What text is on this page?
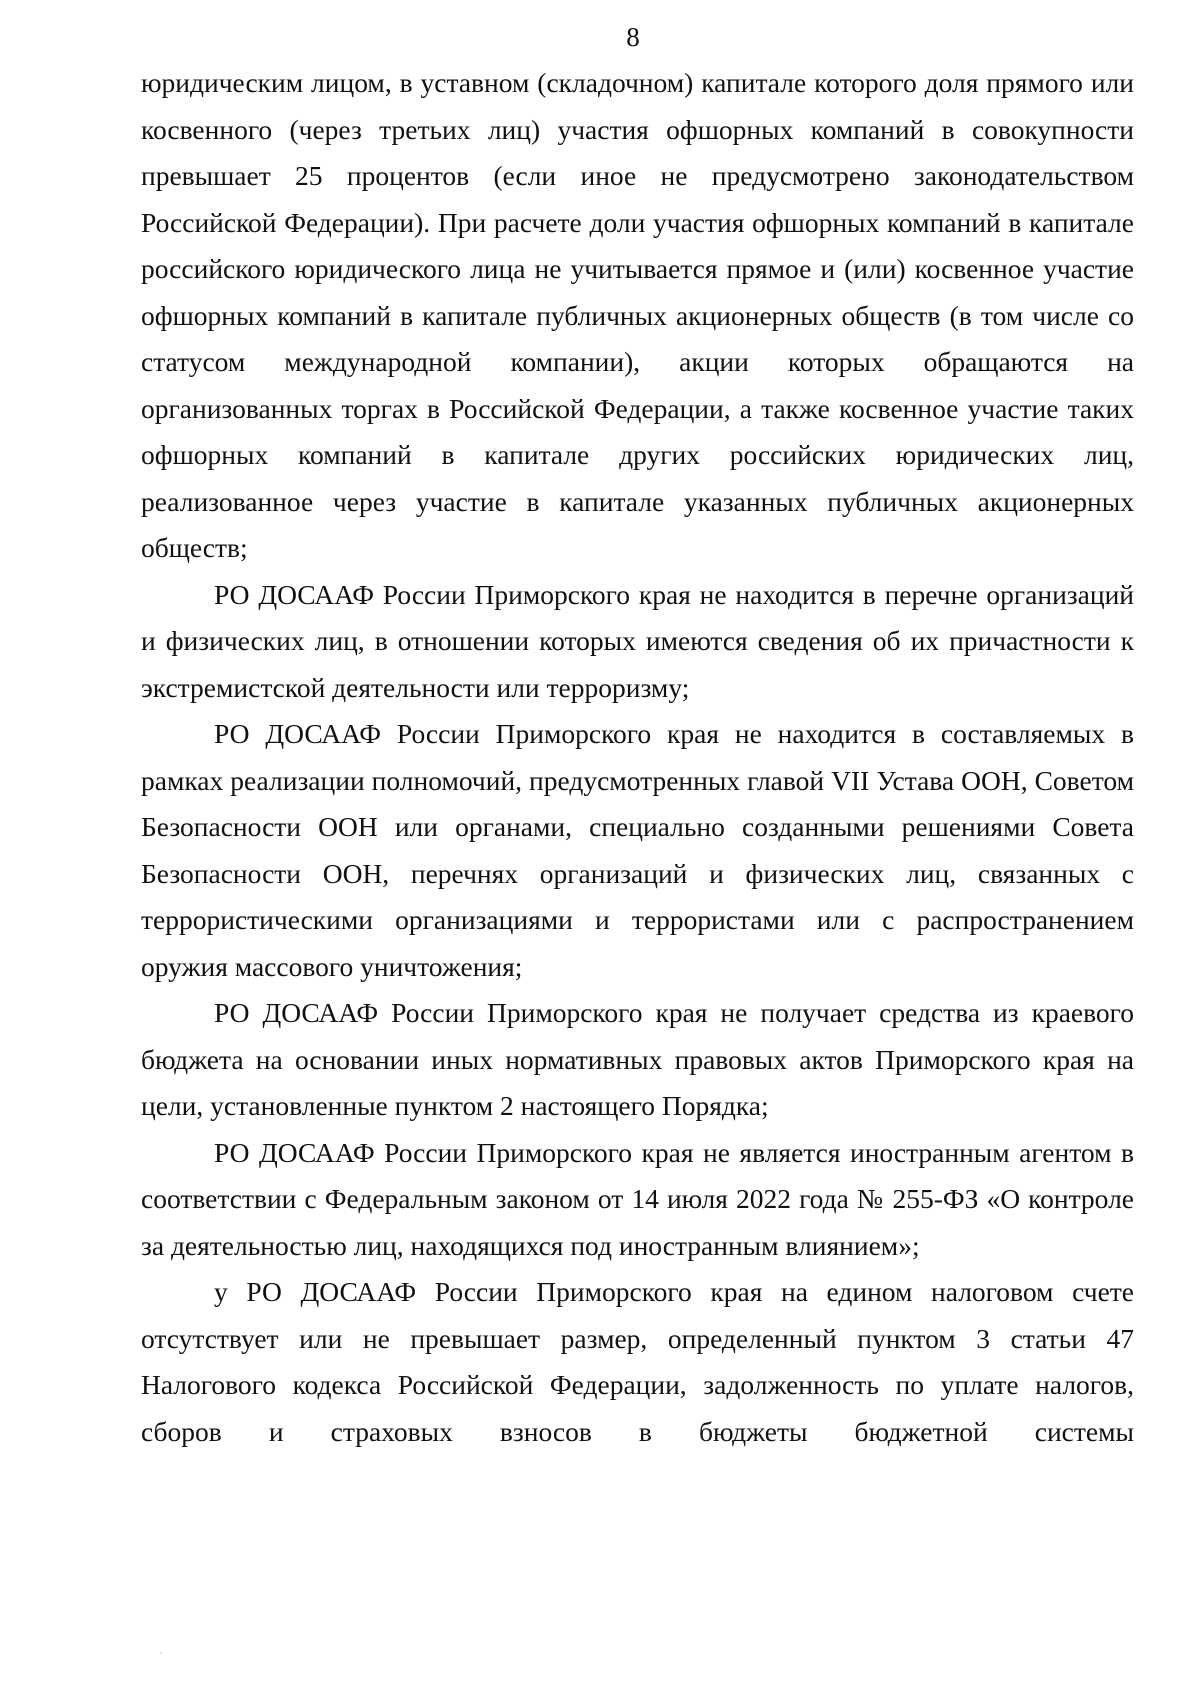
8

юридическим лицом, в уставном (складочном) капитале которого доля прямого или косвенного (через третьих лиц) участия офшорных компаний в совокупности превышает 25 процентов (если иное не предусмотрено законодательством Российской Федерации). При расчете доли участия офшорных компаний в капитале российского юридического лица не учитывается прямое и (или) косвенное участие офшорных компаний в капитале публичных акционерных обществ (в том числе со статусом международной компании), акции которых обращаются на организованных торгах в Российской Федерации, а также косвенное участие таких офшорных компаний в капитале других российских юридических лиц, реализованное через участие в капитале указанных публичных акционерных обществ;

РО ДОСААФ России Приморского края не находится в перечне организаций и физических лиц, в отношении которых имеются сведения об их причастности к экстремистской деятельности или терроризму;

РО ДОСААФ России Приморского края не находится в составляемых в рамках реализации полномочий, предусмотренных главой VII Устава ООН, Советом Безопасности ООН или органами, специально созданными решениями Совета Безопасности ООН, перечнях организаций и физических лиц, связанных с террористическими организациями и террористами или с распространением оружия массового уничтожения;

РО ДОСААФ России Приморского края не получает средства из краевого бюджета на основании иных нормативных правовых актов Приморского края на цели, установленные пунктом 2 настоящего Порядка;

РО ДОСААФ России Приморского края не является иностранным агентом в соответствии с Федеральным законом от 14 июля 2022 года № 255-ФЗ «О контроле за деятельностью лиц, находящихся под иностранным влиянием»;

у РО ДОСААФ России Приморского края на едином налоговом счете отсутствует или не превышает размер, определенный пунктом 3 статьи 47 Налогового кодекса Российской Федерации, задолженность по уплате налогов, сборов и страховых взносов в бюджеты бюджетной системы
